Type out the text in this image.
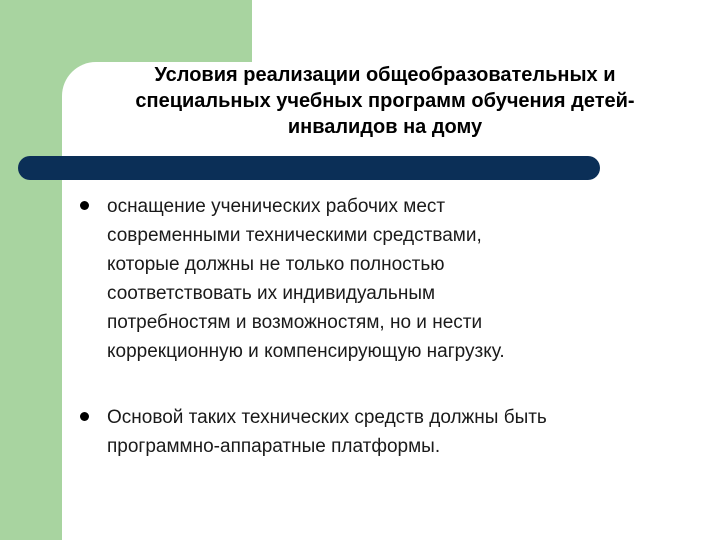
Условия реализации общеобразовательных и
специальных учебных программ обучения детей-
инвалидов на дому
оснащение ученических рабочих мест
современными техническими средствами,
которые должны не только полностью
соответствовать их индивидуальным
потребностям и возможностям, но и нести
коррекционную и компенсирующую нагрузку.
Основой таких технических средств должны быть
программно-аппаратные платформы.
